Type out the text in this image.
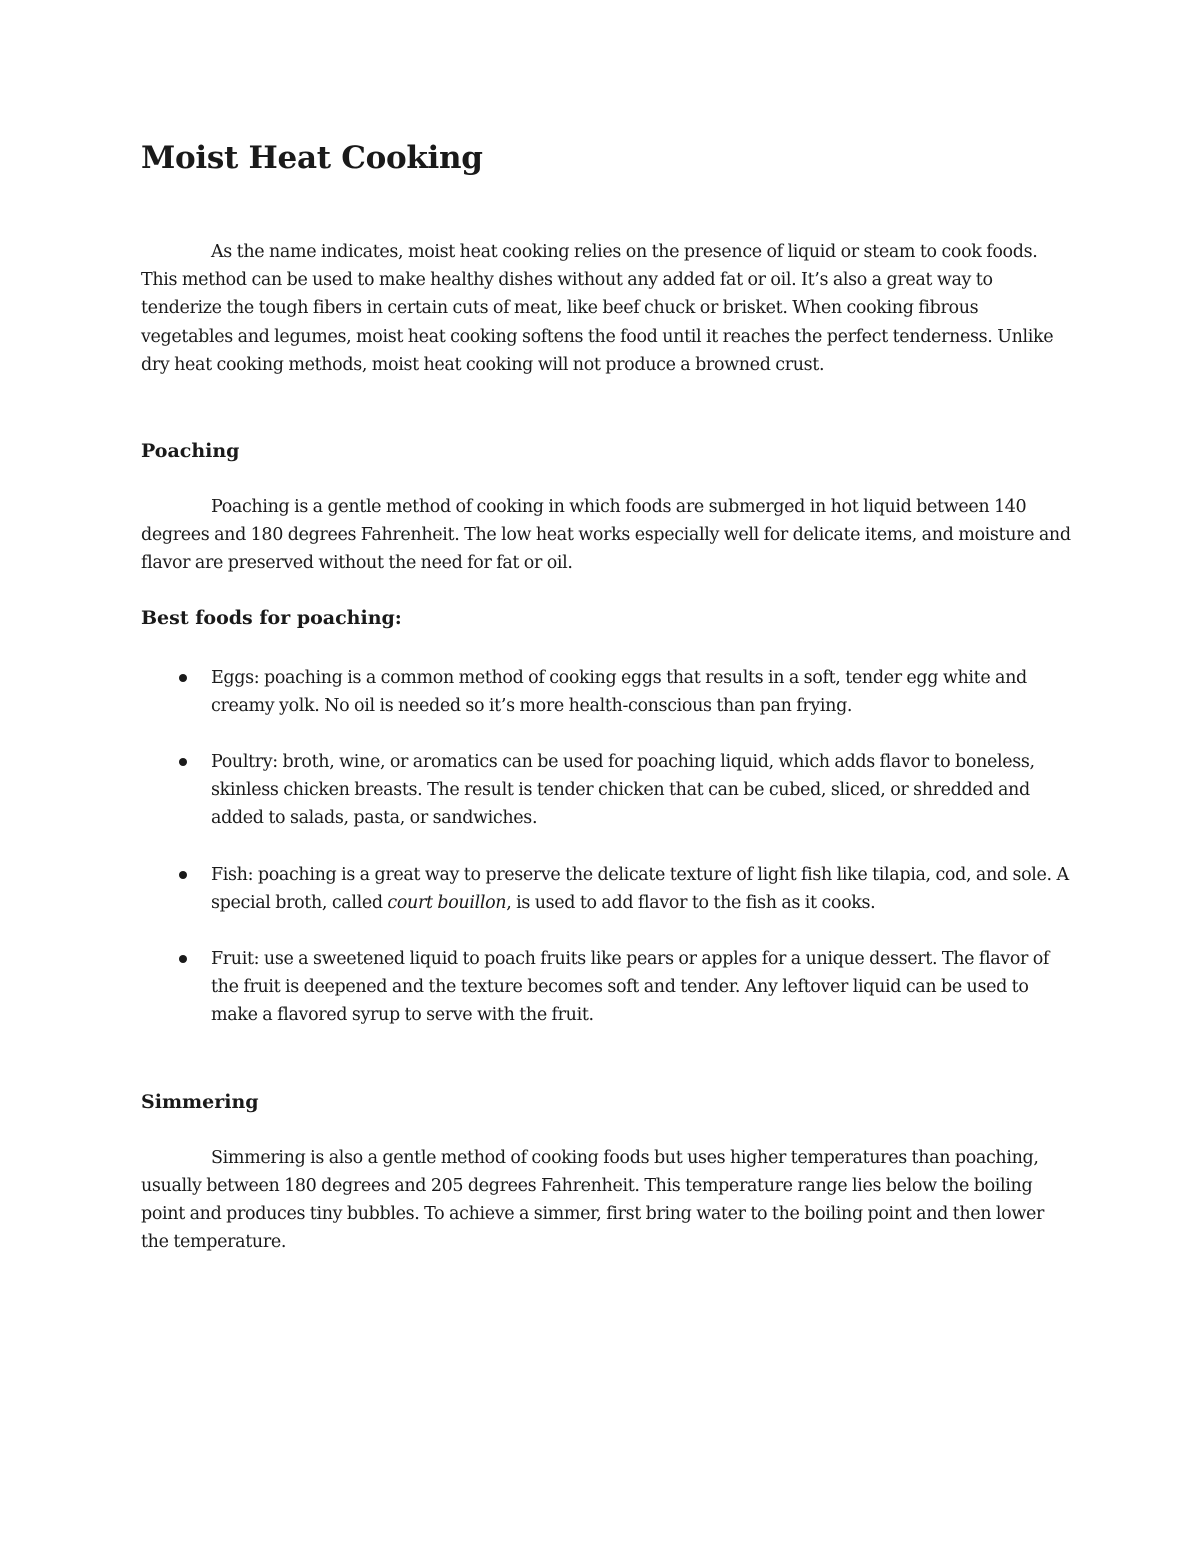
Moist Heat Cooking

As the name indicates, moist heat cooking relies on the presence of liquid or steam to cook foods. This method can be used to make healthy dishes without any added fat or oil. It’s also a great way to tenderize the tough fibers in certain cuts of meat, like beef chuck or brisket. When cooking fibrous vegetables and legumes, moist heat cooking softens the food until it reaches the perfect tenderness. Unlike dry heat cooking methods, moist heat cooking will not produce a browned crust.

Poaching

Poaching is a gentle method of cooking in which foods are submerged in hot liquid between 140 degrees and 180 degrees Fahrenheit. The low heat works especially well for delicate items, and moisture and flavor are preserved without the need for fat or oil.

Best foods for poaching:

Eggs: poaching is a common method of cooking eggs that results in a soft, tender egg white and creamy yolk. No oil is needed so it’s more health-conscious than pan frying.

Poultry: broth, wine, or aromatics can be used for poaching liquid, which adds flavor to boneless, skinless chicken breasts. The result is tender chicken that can be cubed, sliced, or shredded and added to salads, pasta, or sandwiches.

Fish: poaching is a great way to preserve the delicate texture of light fish like tilapia, cod, and sole. A special broth, called court bouillon, is used to add flavor to the fish as it cooks.

Fruit: use a sweetened liquid to poach fruits like pears or apples for a unique dessert. The flavor of the fruit is deepened and the texture becomes soft and tender. Any leftover liquid can be used to make a flavored syrup to serve with the fruit.

Simmering

Simmering is also a gentle method of cooking foods but uses higher temperatures than poaching, usually between 180 degrees and 205 degrees Fahrenheit. This temperature range lies below the boiling point and produces tiny bubbles. To achieve a simmer, first bring water to the boiling point and then lower the temperature.
